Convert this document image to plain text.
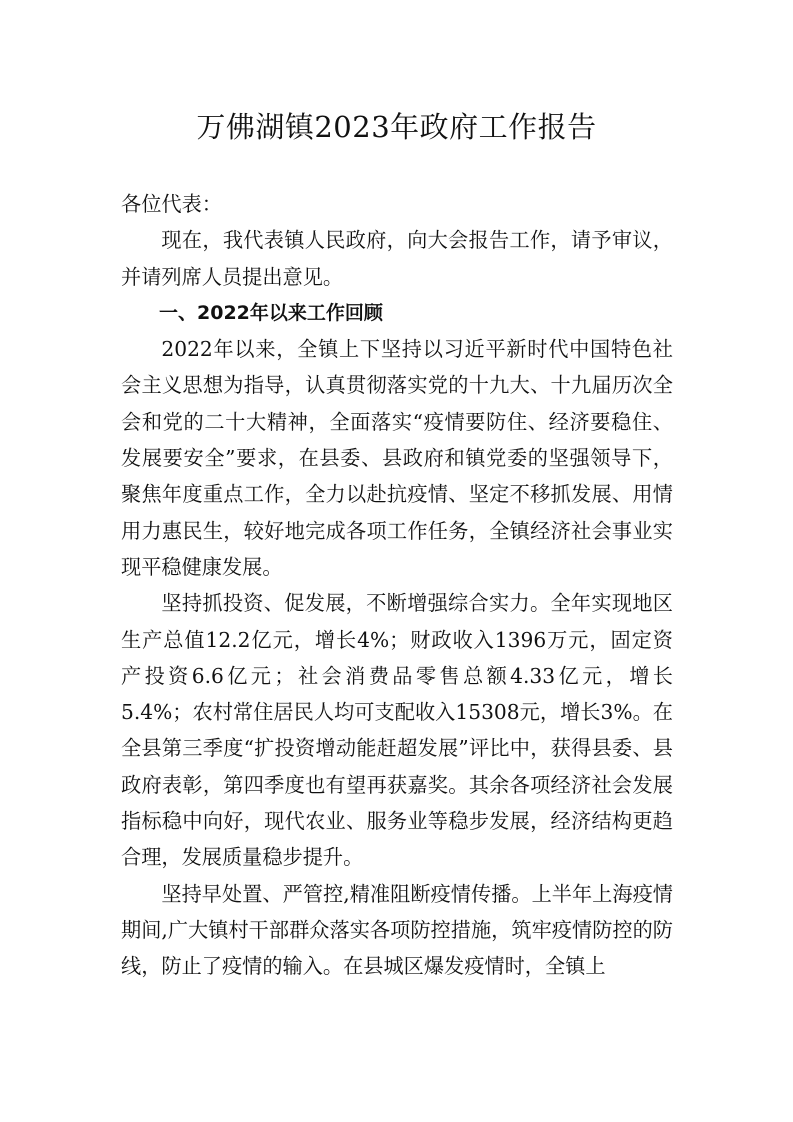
万佛湖镇2023年政府工作报告

各位代表：

现在，我代表镇人民政府，向大会报告工作，请予审议，并请列席人员提出意见。

一、2022年以来工作回顾

2022年以来，全镇上下坚持以习近平新时代中国特色社会主义思想为指导，认真贯彻落实党的十九大、十九届历次全会和党的二十大精神，全面落实“疫情要防住、经济要稳住、发展要安全”要求，在县委、县政府和镇党委的坚强领导下，聚焦年度重点工作，全力以赴抗疫情、坚定不移抓发展、用情用力惠民生，较好地完成各项工作任务，全镇经济社会事业实现平稳健康发展。

坚持抓投资、促发展，不断增强综合实力。全年实现地区生产总值12.2亿元，增长4%；财政收入1396万元，固定资产投资6.6亿元；社会消费品零售总额4.33亿元，增长5.4%；农村常住居民人均可支配收入15308元，增长3%。在全县第三季度“扩投资增动能赶超发展”评比中，获得县委、县政府表彰，第四季度也有望再获嘉奖。其余各项经济社会发展指标稳中向好，现代农业、服务业等稳步发展，经济结构更趋合理，发展质量稳步提升。

坚持早处置、严管控,精准阻断疫情传播。上半年上海疫情期间,广大镇村干部群众落实各项防控措施，筑牢疫情防控的防线，防止了疫情的输入。在县城区爆发疫情时，全镇上
